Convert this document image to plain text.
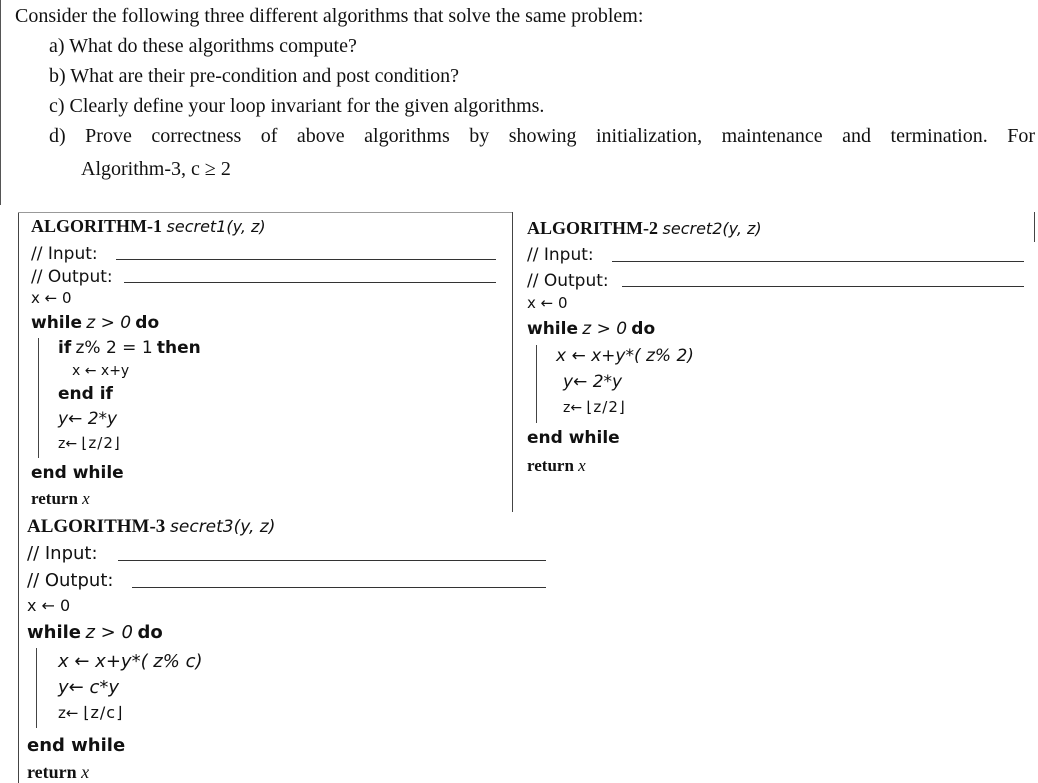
Consider the following three different algorithms that solve the same problem:
a) What do these algorithms compute?
b) What are their pre-condition and post condition?
c) Clearly define your loop invariant for the given algorithms.
d) Prove correctness of above algorithms by showing initialization, maintenance and termination. For
Algorithm-3, c ≥ 2
ALGORITHM-1 secret1(y, z)
// Input:
// Output:
x ← 0
while z > 0 do
if z% 2 = 1 then
x ← x+y
end if
y← 2*y
z← ⌊z/2⌋
end while
return x
ALGORITHM-2 secret2(y, z)
// Input:
// Output:
x ← 0
while z > 0 do
x ← x+y*( z% 2)
y← 2*y
z← ⌊z/2⌋
end while
return x
ALGORITHM-3 secret3(y, z)
// Input:
// Output:
x ← 0
while z > 0 do
x ← x+y*( z% c)
y← c*y
z← ⌊z/c⌋
end while
return x
